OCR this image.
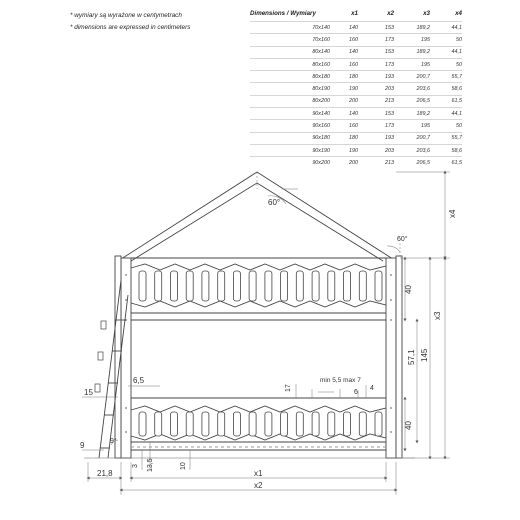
* wymiary są wyrażone w centymetrach
* dimensions are expressed in centimeters
Dimensions / Wymiary	x1	x2	x3	x4
70x140	140	153	189,2	44,1
70x160	160	173	195	50
80x140	140	153	189,2	44,1
80x160	160	173	195	50
80x180	180	193	200,7	55,7
80x190	190	203	203,6	58,6
80x200	200	213	206,5	61,5
90x140	140	153	189,2	44,1
90x160	160	173	195	50
90x180	180	193	200,7	55,7
90x190	190	203	203,6	58,6
90x200	200	213	206,5	61,5
60°
60°
x4
x3
145
57,1
40
40
min 5,5 max 7
17
6
4
6,5
15
9	9°
21,8
3 13,5	10
x1
x2
